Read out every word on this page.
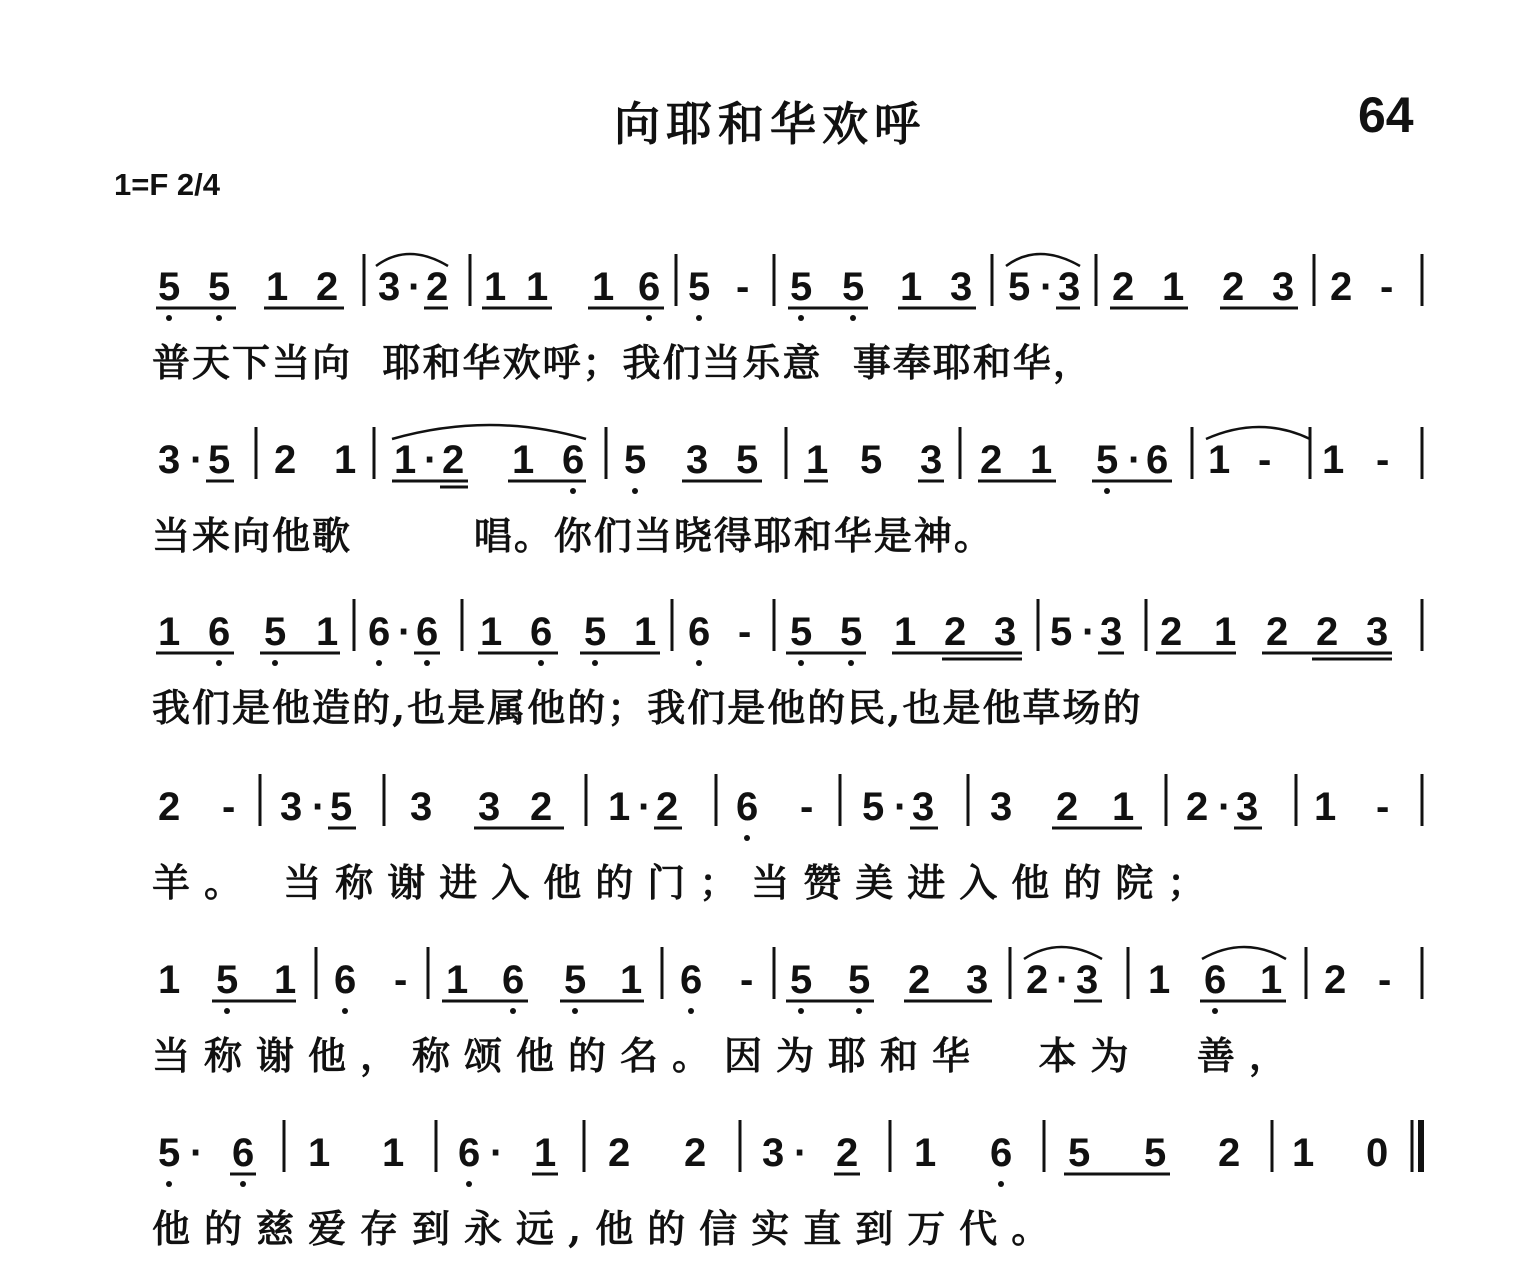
向耶和华欢呼	64
1=F 2/4
5 5 1 2 3 · 2 1 1 1 6 5 - 5 5 1 3 5 · 3 2 1 2 3 2 -
普天下当向  耶和华欢呼；我们当乐意  事奉耶和华，
3 · 5 2 1 1 · 2 1 6 5 3 5 1 5 3 2 1 5 · 6 1 - 1 -
当来向他歌        唱。你们当晓得耶和华是神。
1 6 5 1 6 · 6 1 6 5 1 6 - 5 5 1 2 3 5 · 3 2 1 2 2 3
我们是他造的,也是属他的；我们是他的民,也是他草场的
2 - 3 · 5 3 3 2 1 · 2 6 - 5 · 3 3 2 1 2 · 3 1 -
羊。 当称谢进入他的门；当赞美进入他的院；
1 5 1 6 - 1 6 5 1 6 - 5 5 2 3 2 · 3 1 6 1 2 -
当称谢他，称颂他的名。因为耶和华  本为  善，
5 · 6 1 1 6 · 1 2 2 3 · 2 1 6 5 5 2 1 0
他的慈爱存到永远,他的信实直到万代。
